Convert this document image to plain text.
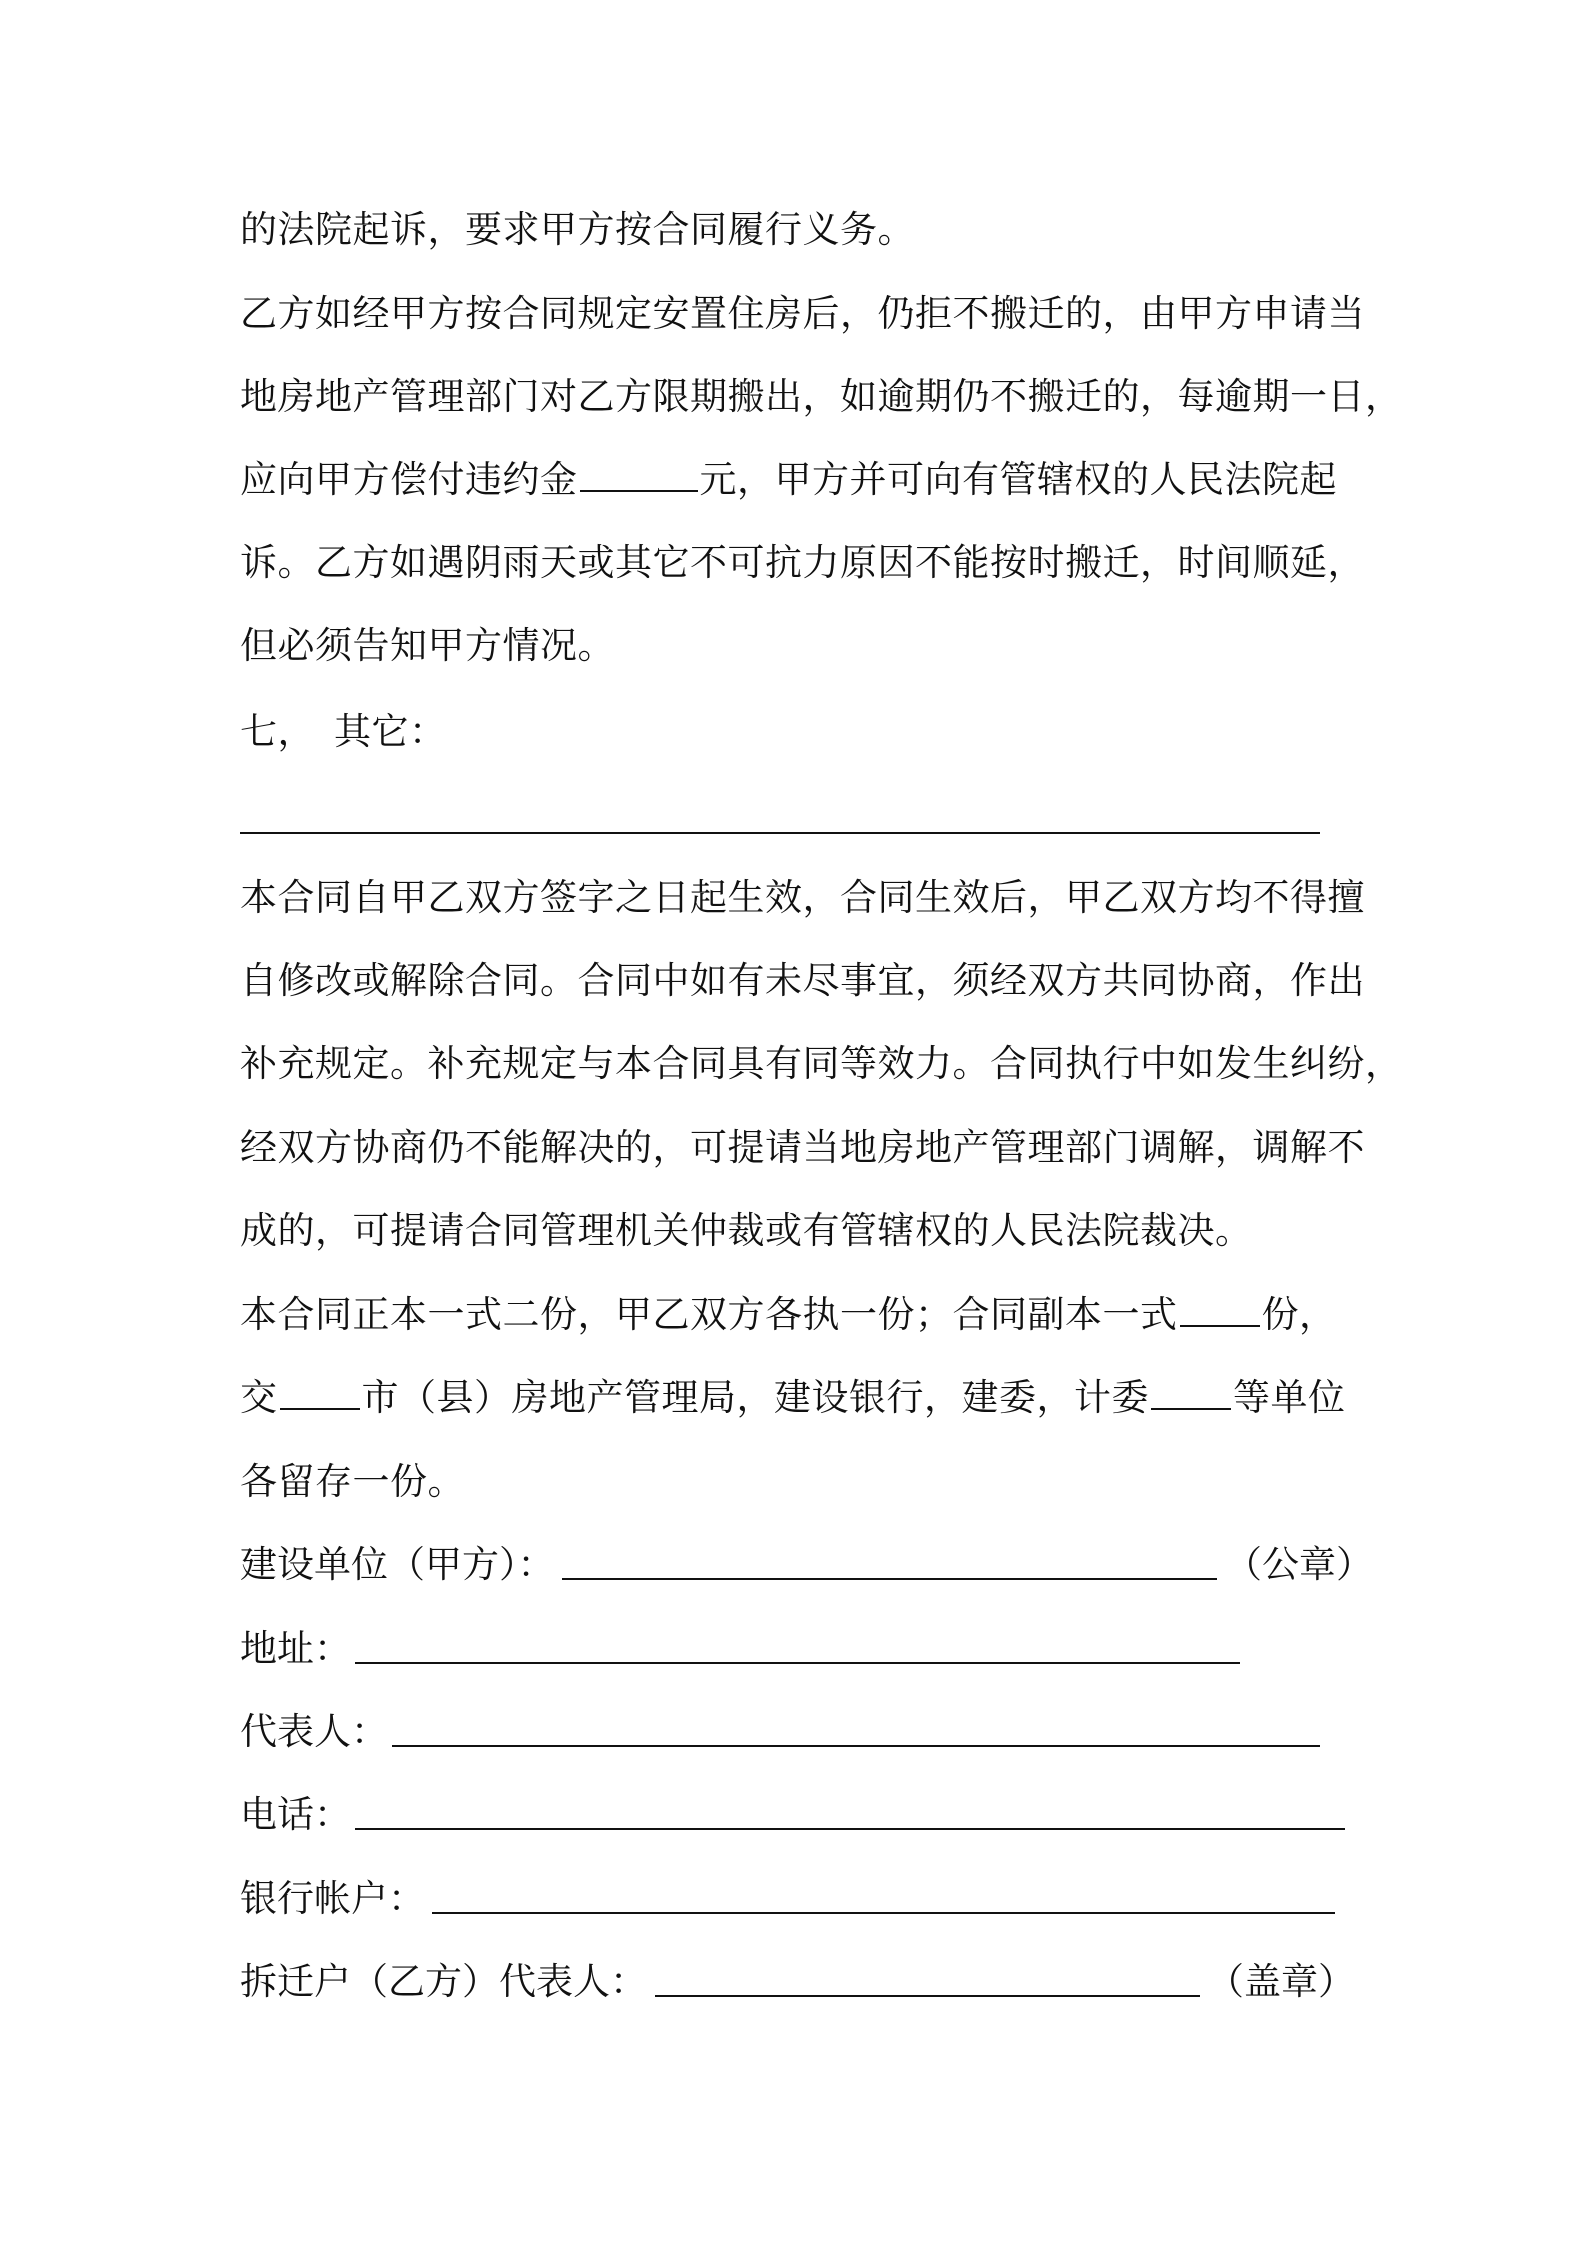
的法院起诉，要求甲方按合同履行义务。
乙方如经甲方按合同规定安置住房后，仍拒不搬迁的，由甲方申请当
地房地产管理部门对乙方限期搬出，如逾期仍不搬迁的，每逾期一日，
应向甲方偿付违约金	元，甲方并可向有管辖权的人民法院起
诉。乙方如遇阴雨天或其它不可抗力原因不能按时搬迁，时间顺延，
但必须告知甲方情况。
七，　其它：
本合同自甲乙双方签字之日起生效，合同生效后，甲乙双方均不得擅
自修改或解除合同。合同中如有未尽事宜，须经双方共同协商，作出
补充规定。补充规定与本合同具有同等效力。合同执行中如发生纠纷，
经双方协商仍不能解决的，可提请当地房地产管理部门调解，调解不
成的，可提请合同管理机关仲裁或有管辖权的人民法院裁决。
本合同正本一式二份，甲乙双方各执一份；合同副本一式 份，
交 市（县）房地产管理局，建设银行，建委，计委 等单位
各留存一份。
建设单位（甲方）：	（公章）
地址：
代表人：
电话：
银行帐户：
拆迁户（乙方）代表人：	（盖章）
